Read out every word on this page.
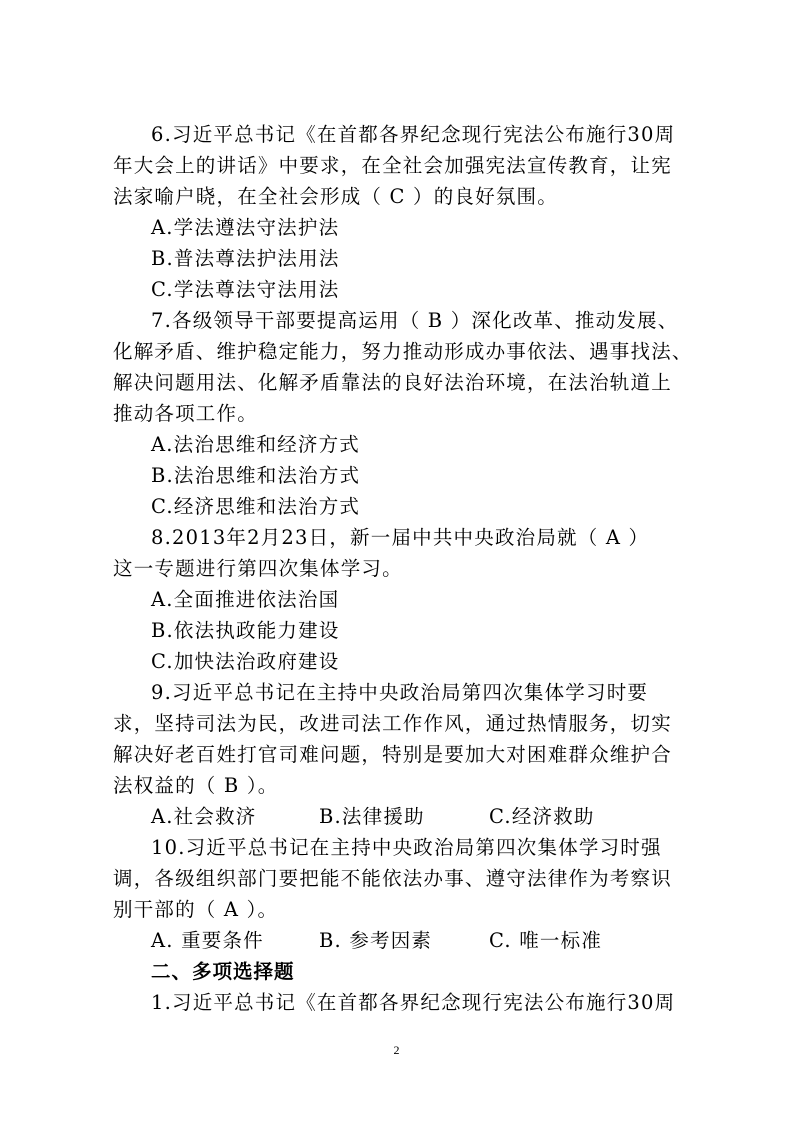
6.习近平总书记《在首都各界纪念现行宪法公布施行30周
年大会上的讲话》中要求，在全社会加强宪法宣传教育，让宪
法家喻户晓，在全社会形成（ C ）的良好氛围。
A.学法遵法守法护法
B.普法尊法护法用法
C.学法尊法守法用法
7.各级领导干部要提高运用（ B ）深化改革、推动发展、
化解矛盾、维护稳定能力，努力推动形成办事依法、遇事找法、
解决问题用法、化解矛盾靠法的良好法治环境，在法治轨道上
推动各项工作。
A.法治思维和经济方式
B.法治思维和法治方式
C.经济思维和法治方式
8.2013年2月23日，新一届中共中央政治局就（ A ）
这一专题进行第四次集体学习。
A.全面推进依法治国
B.依法执政能力建设
C.加快法治政府建设
9.习近平总书记在主持中央政治局第四次集体学习时要
求，坚持司法为民，改进司法工作作风，通过热情服务，切实
解决好老百姓打官司难问题，特别是要加大对困难群众维护合
法权益的（ B ）。
A.社会救济	B.法律援助	C.经济救助
10.习近平总书记在主持中央政治局第四次集体学习时强
调，各级组织部门要把能不能依法办事、遵守法律作为考察识
别干部的（ A ）。
A. 重要条件	B. 参考因素	C. 唯一标准
二、多项选择题
1.习近平总书记《在首都各界纪念现行宪法公布施行30周
2
